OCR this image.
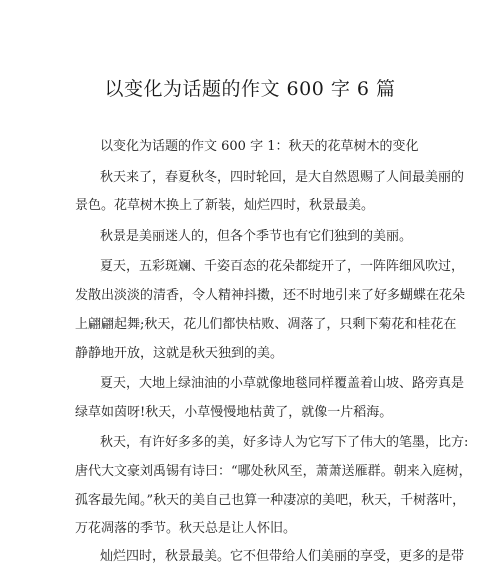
以变化为话题的作文 600 字 6 篇
以变化为话题的作文 600 字 1：秋天的花草树木的变化
秋天来了，春夏秋冬，四时轮回，是大自然恩赐了人间最美丽的
景色。花草树木换上了新装，灿烂四时，秋景最美。
秋景是美丽迷人的，但各个季节也有它们独到的美丽。
夏天，五彩斑斓、千姿百态的花朵都绽开了，一阵阵细风吹过，
发散出淡淡的清香，令人精神抖擞，还不时地引来了好多蝴蝶在花朵
上翩翩起舞;秋天，花儿们都快枯败、凋落了，只剩下菊花和桂花在
静静地开放，这就是秋天独到的美。
夏天，大地上绿油油的小草就像地毯同样覆盖着山坡、路旁真是
绿草如茵呀!秋天，小草慢慢地枯黄了，就像一片稻海。
秋天，有许好多多的美，好多诗人为它写下了伟大的笔墨，比方:
唐代大文豪刘禹锡有诗曰：“哪处秋风至，萧萧送雁群。朝来入庭树，
孤客最先闻。”秋天的美自己也算一种凄凉的美吧，秋天，千树落叶，
万花凋落的季节。秋天总是让人怀旧。
灿烂四时，秋景最美。它不但带给人们美丽的享受，更多的是带
